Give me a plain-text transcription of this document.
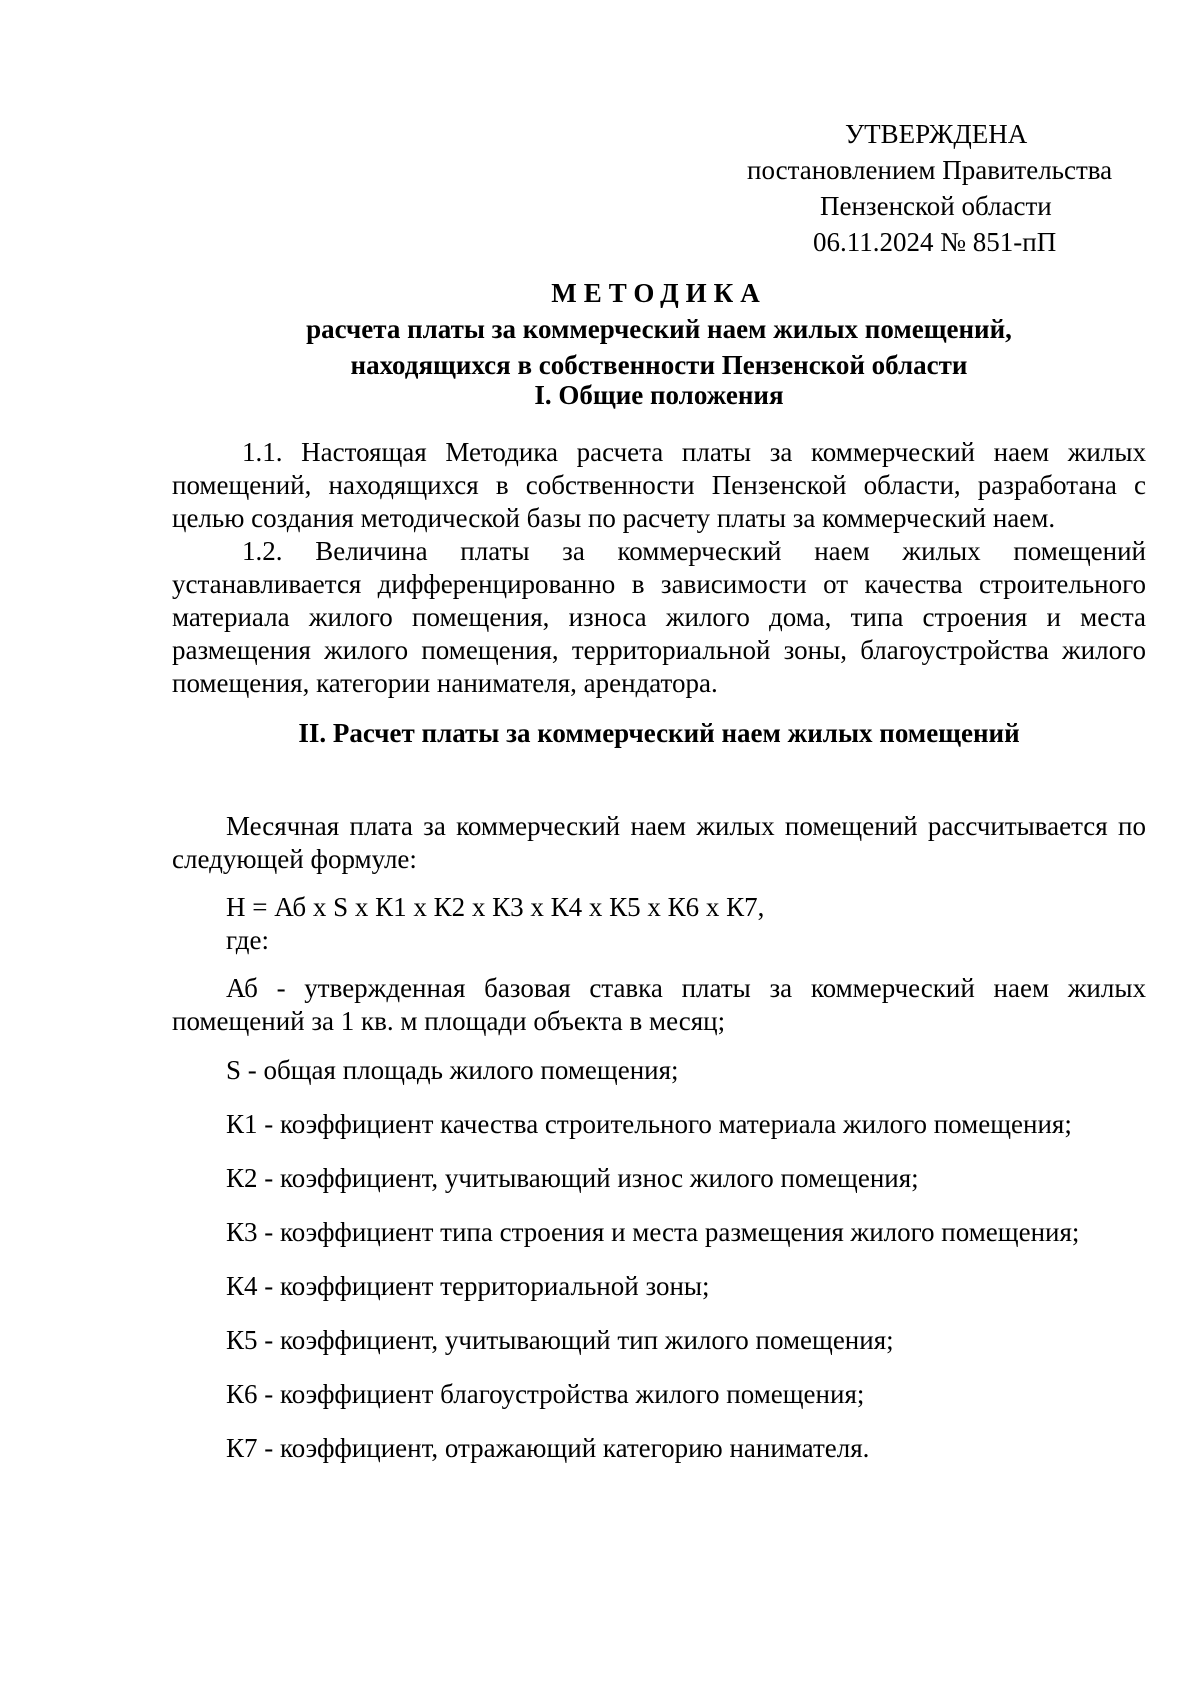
УТВЕРЖДЕНА
постановлением Правительства
Пензенской области
06.11.2024 № 851-пП
МЕТОДИКА
расчета платы за коммерческий наем жилых помещений,
находящихся в собственности Пензенской области
I. Общие положения
1.1. Настоящая Методика расчета платы за коммерческий наем жилых помещений, находящихся в собственности Пензенской области, разработана с целью создания методической базы по расчету платы за коммерческий наем.
1.2. Величина платы за коммерческий наем жилых помещений устанавливается дифференцированно в зависимости от качества строительного материала жилого помещения, износа жилого дома, типа строения и места размещения жилого помещения, территориальной зоны, благоустройства жилого помещения, категории нанимателя, арендатора.
II. Расчет платы за коммерческий наем жилых помещений
Месячная плата за коммерческий наем жилых помещений рассчитывается по следующей формуле:
Н = Аб х S х К1 х К2 х К3 х К4 х К5 х К6 х К7,
где:
Аб - утвержденная базовая ставка платы за коммерческий наем жилых помещений за 1 кв. м площади объекта в месяц;
S - общая площадь жилого помещения;
К1 - коэффициент качества строительного материала жилого помещения;
К2 - коэффициент, учитывающий износ жилого помещения;
К3 - коэффициент типа строения и места размещения жилого помещения;
К4 - коэффициент территориальной зоны;
К5 - коэффициент, учитывающий тип жилого помещения;
К6 - коэффициент благоустройства жилого помещения;
К7 - коэффициент, отражающий категорию нанимателя.
